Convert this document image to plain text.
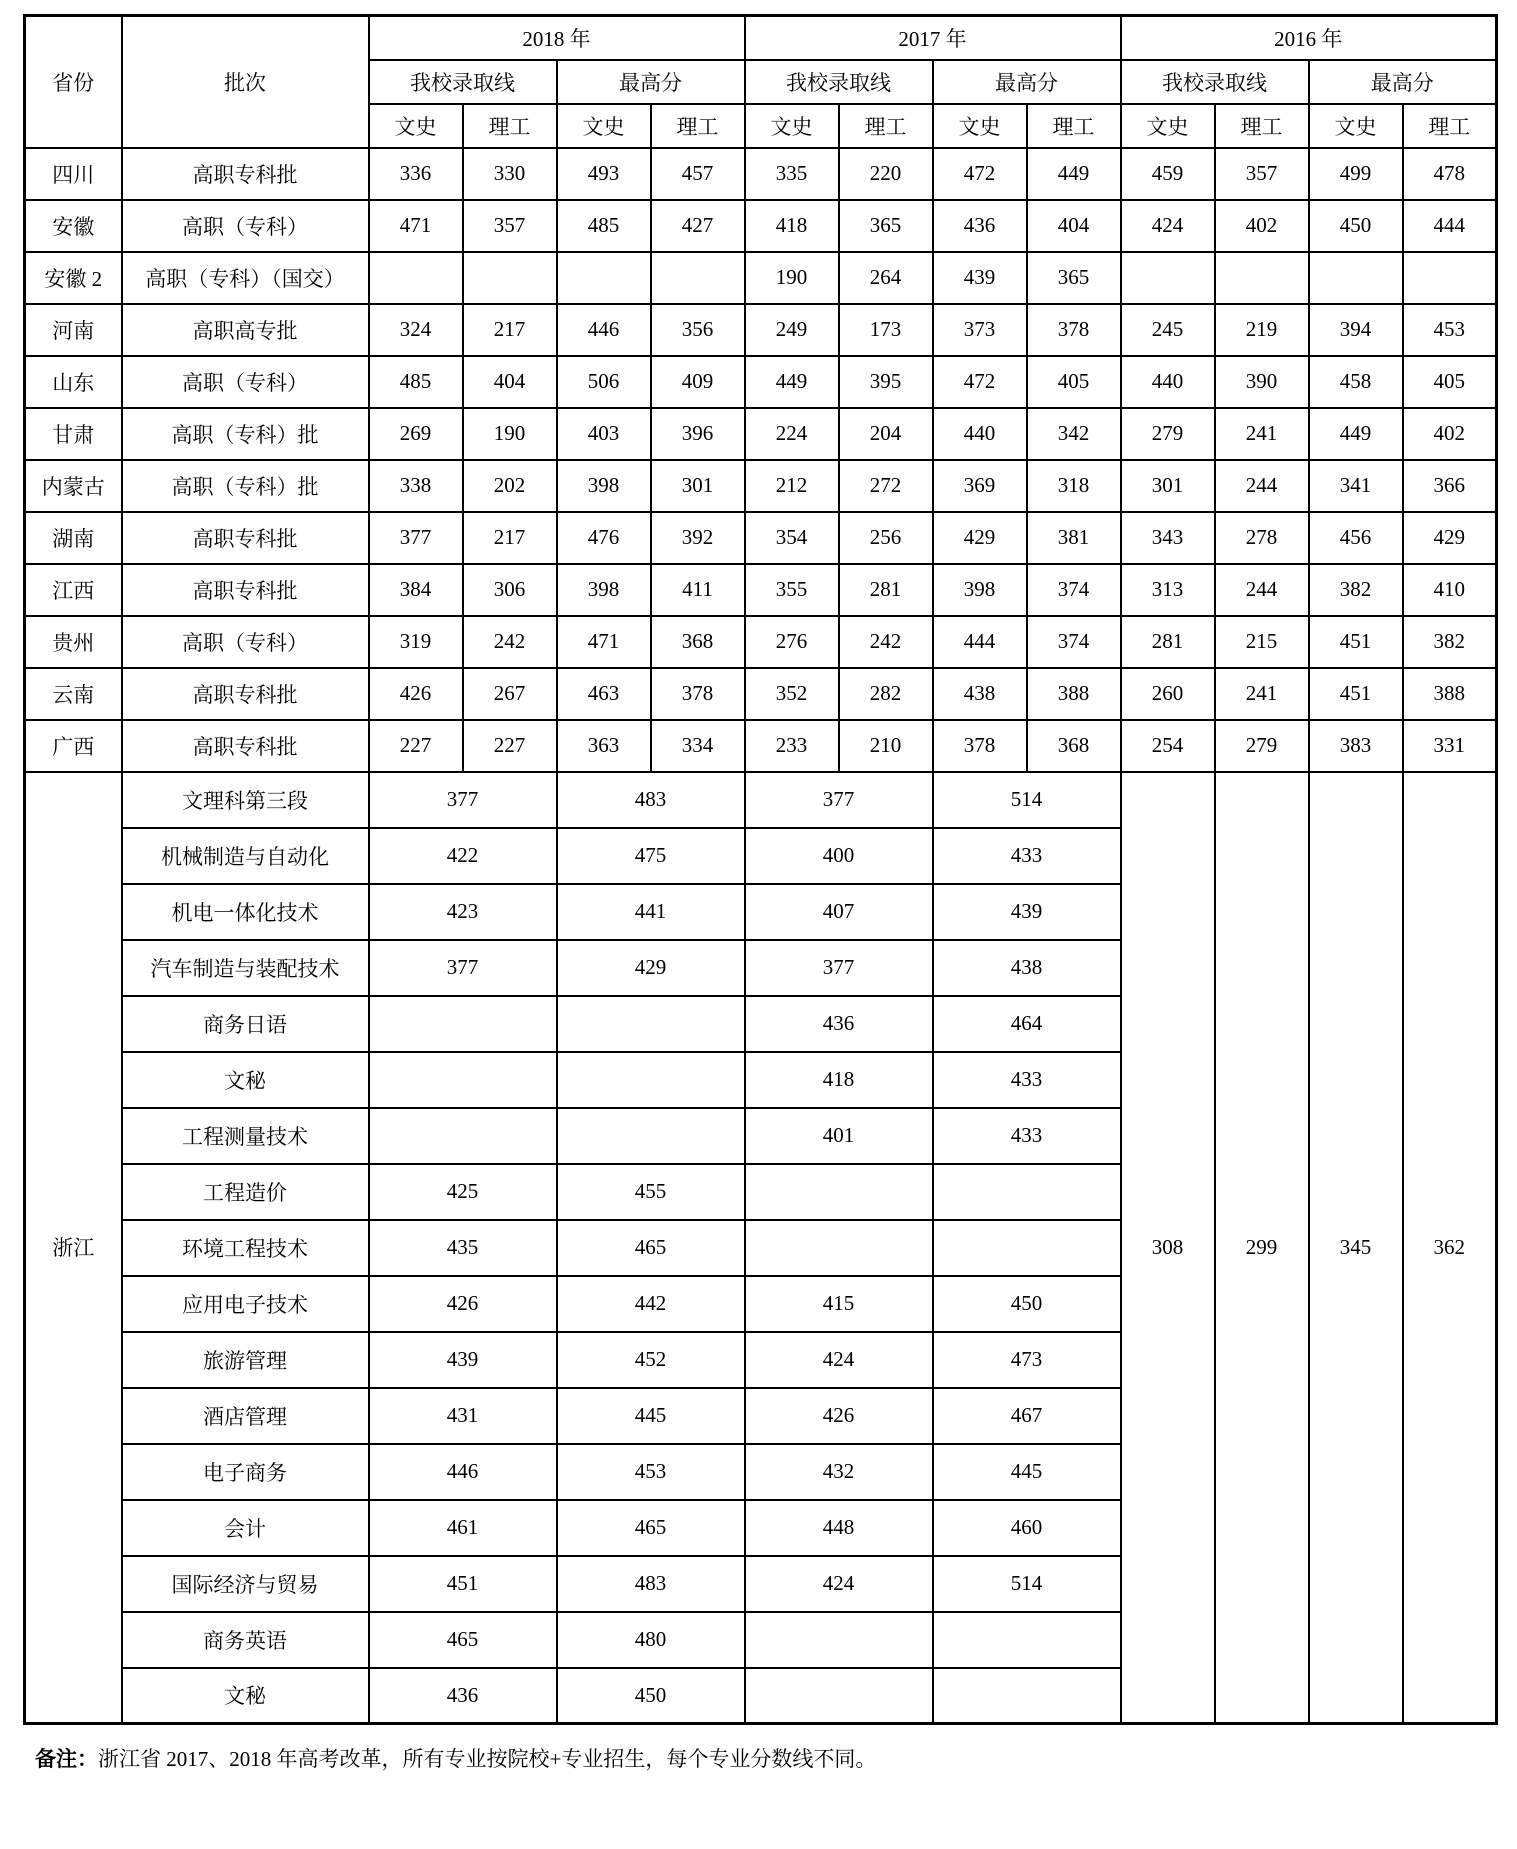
省份	批次	2018 年				2017 年				2016 年			
		我校录取线		最高分		我校录取线		最高分		我校录取线		最高分	
		文史	理工	文史	理工	文史	理工	文史	理工	文史	理工	文史	理工
四川	高职专科批	336	330	493	457	335	220	472	449	459	357	499	478
安徽	高职（专科）	471	357	485	427	418	365	436	404	424	402	450	444
安徽 2	高职（专科）（国交）					190	264	439	365				
河南	高职高专批	324	217	446	356	249	173	373	378	245	219	394	453
山东	高职（专科）	485	404	506	409	449	395	472	405	440	390	458	405
甘肃	高职（专科）批	269	190	403	396	224	204	440	342	279	241	449	402
内蒙古	高职（专科）批	338	202	398	301	212	272	369	318	301	244	341	366
湖南	高职专科批	377	217	476	392	354	256	429	381	343	278	456	429
江西	高职专科批	384	306	398	411	355	281	398	374	313	244	382	410
贵州	高职（专科）	319	242	471	368	276	242	444	374	281	215	451	382
云南	高职专科批	426	267	463	378	352	282	438	388	260	241	451	388
广西	高职专科批	227	227	363	334	233	210	378	368	254	279	383	331
浙江	文理科第三段	377		483		377		514		308	299	345	362
	机械制造与自动化	422		475		400		433					
	机电一体化技术	423		441		407		439					
	汽车制造与装配技术	377		429		377		438					
	商务日语					436		464					
	文秘					418		433					
	工程测量技术					401		433					
	工程造价	425		455									
	环境工程技术	435		465									
	应用电子技术	426		442		415		450					
	旅游管理	439		452		424		473					
	酒店管理	431		445		426		467					
	电子商务	446		453		432		445					
	会计	461		465		448		460					
	国际经济与贸易	451		483		424		514					
	商务英语	465		480									
	文秘	436		450									
备注：浙江省 2017、2018 年高考改革，所有专业按院校+专业招生，每个专业分数线不同。
